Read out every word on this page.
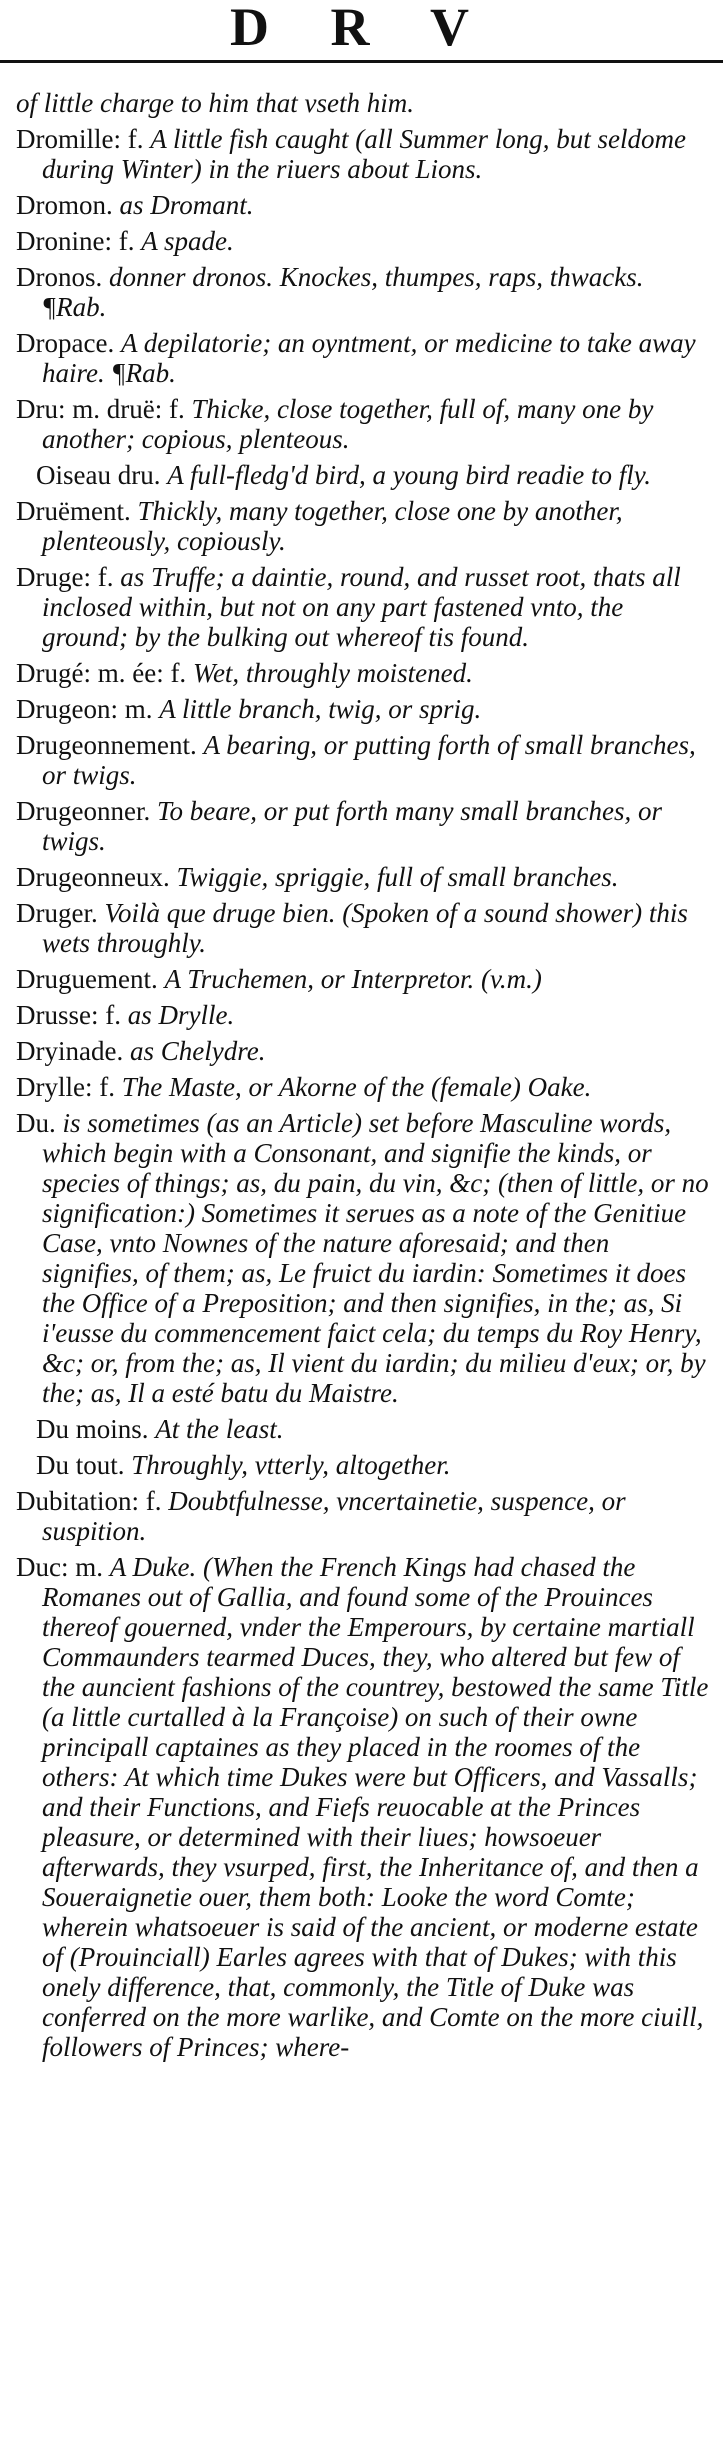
D R V

of little charge to him that vseth him.

Dromille: f. A little fish caught (all Summer long, but seldome during Winter) in the riuers about Lions.

Dromon. as Dromant.

Dronine: f. A spade.

Dronos. donner dronos. Knockes, thumpes, raps, thwacks. ¶Rab.

Dropace. A depilatorie; an oyntment, or medicine to take away haire. ¶Rab.

Dru: m. druë: f. Thicke, close together, full of, many one by another; copious, plenteous.

Oiseau dru. A full-fledg'd bird, a young bird readie to fly.

Druëment. Thickly, many together, close one by another, plenteously, copiously.

Druge: f. as Truffe; a daintie, round, and russet root, thats all inclosed within, but not on any part fastened vnto, the ground; by the bulking out whereof tis found.

Drugé: m. ée: f. Wet, throughly moistened.

Drugeon: m. A little branch, twig, or sprig.

Drugeonnement. A bearing, or putting forth of small branches, or twigs.

Drugeonner. To beare, or put forth many small branches, or twigs.

Drugeonneux. Twiggie, spriggie, full of small branches.

Druger. Voilà que druge bien. (Spoken of a sound shower) this wets throughly.

Druguement. A Truchemen, or Interpretor. (v.m.)

Drusse: f. as Drylle.

Dryinade. as Chelydre.

Drylle: f. The Maste, or Akorne of the (female) Oake.

Du. is sometimes (as an Article) set before Masculine words, which begin with a Consonant, and signifie the kinds, or species of things; as, du pain, du vin, &c; (then of little, or no signification:) Sometimes it serues as a note of the Genitiue Case, vnto Nownes of the nature aforesaid; and then signifies, of them; as, Le fruict du iardin: Sometimes it does the Office of a Preposition; and then signifies, in the; as, Si i'eusse du commencement faict cela; du temps du Roy Henry, &c; or, from the; as, Il vient du iardin; du milieu d'eux; or, by the; as, Il a esté batu du Maistre.

Du moins. At the least.

Du tout. Throughly, vtterly, altogether.

Dubitation: f. Doubtfulnesse, vncertainetie, suspence, or suspition.

Duc: m. A Duke. (When the French Kings had chased the Romanes out of Gallia, and found some of the Prouinces thereof gouerned, vnder the Emperours, by certaine martiall Commaunders tearmed Duces, they, who altered but few of the auncient fashions of the countrey, bestowed the same Title (a little curtalled à la Françoise) on such of their owne principall captaines as they placed in the roomes of the others: At which time Dukes were but Officers, and Vassalls; and their Functions, and Fiefs reuocable at the Princes pleasure, or determined with their liues; howsoeuer afterwards, they vsurped, first, the Inheritance of, and then a Soueraignetie ouer, them both: Looke the word Comte; wherein whatsoeuer is said of the ancient, or moderne estate of (Prouinciall) Earles agrees with that of Dukes; with this onely difference, that, commonly, the Title of Duke was conferred on the more warlike, and Comte on the more ciuill, followers of Princes; where-
